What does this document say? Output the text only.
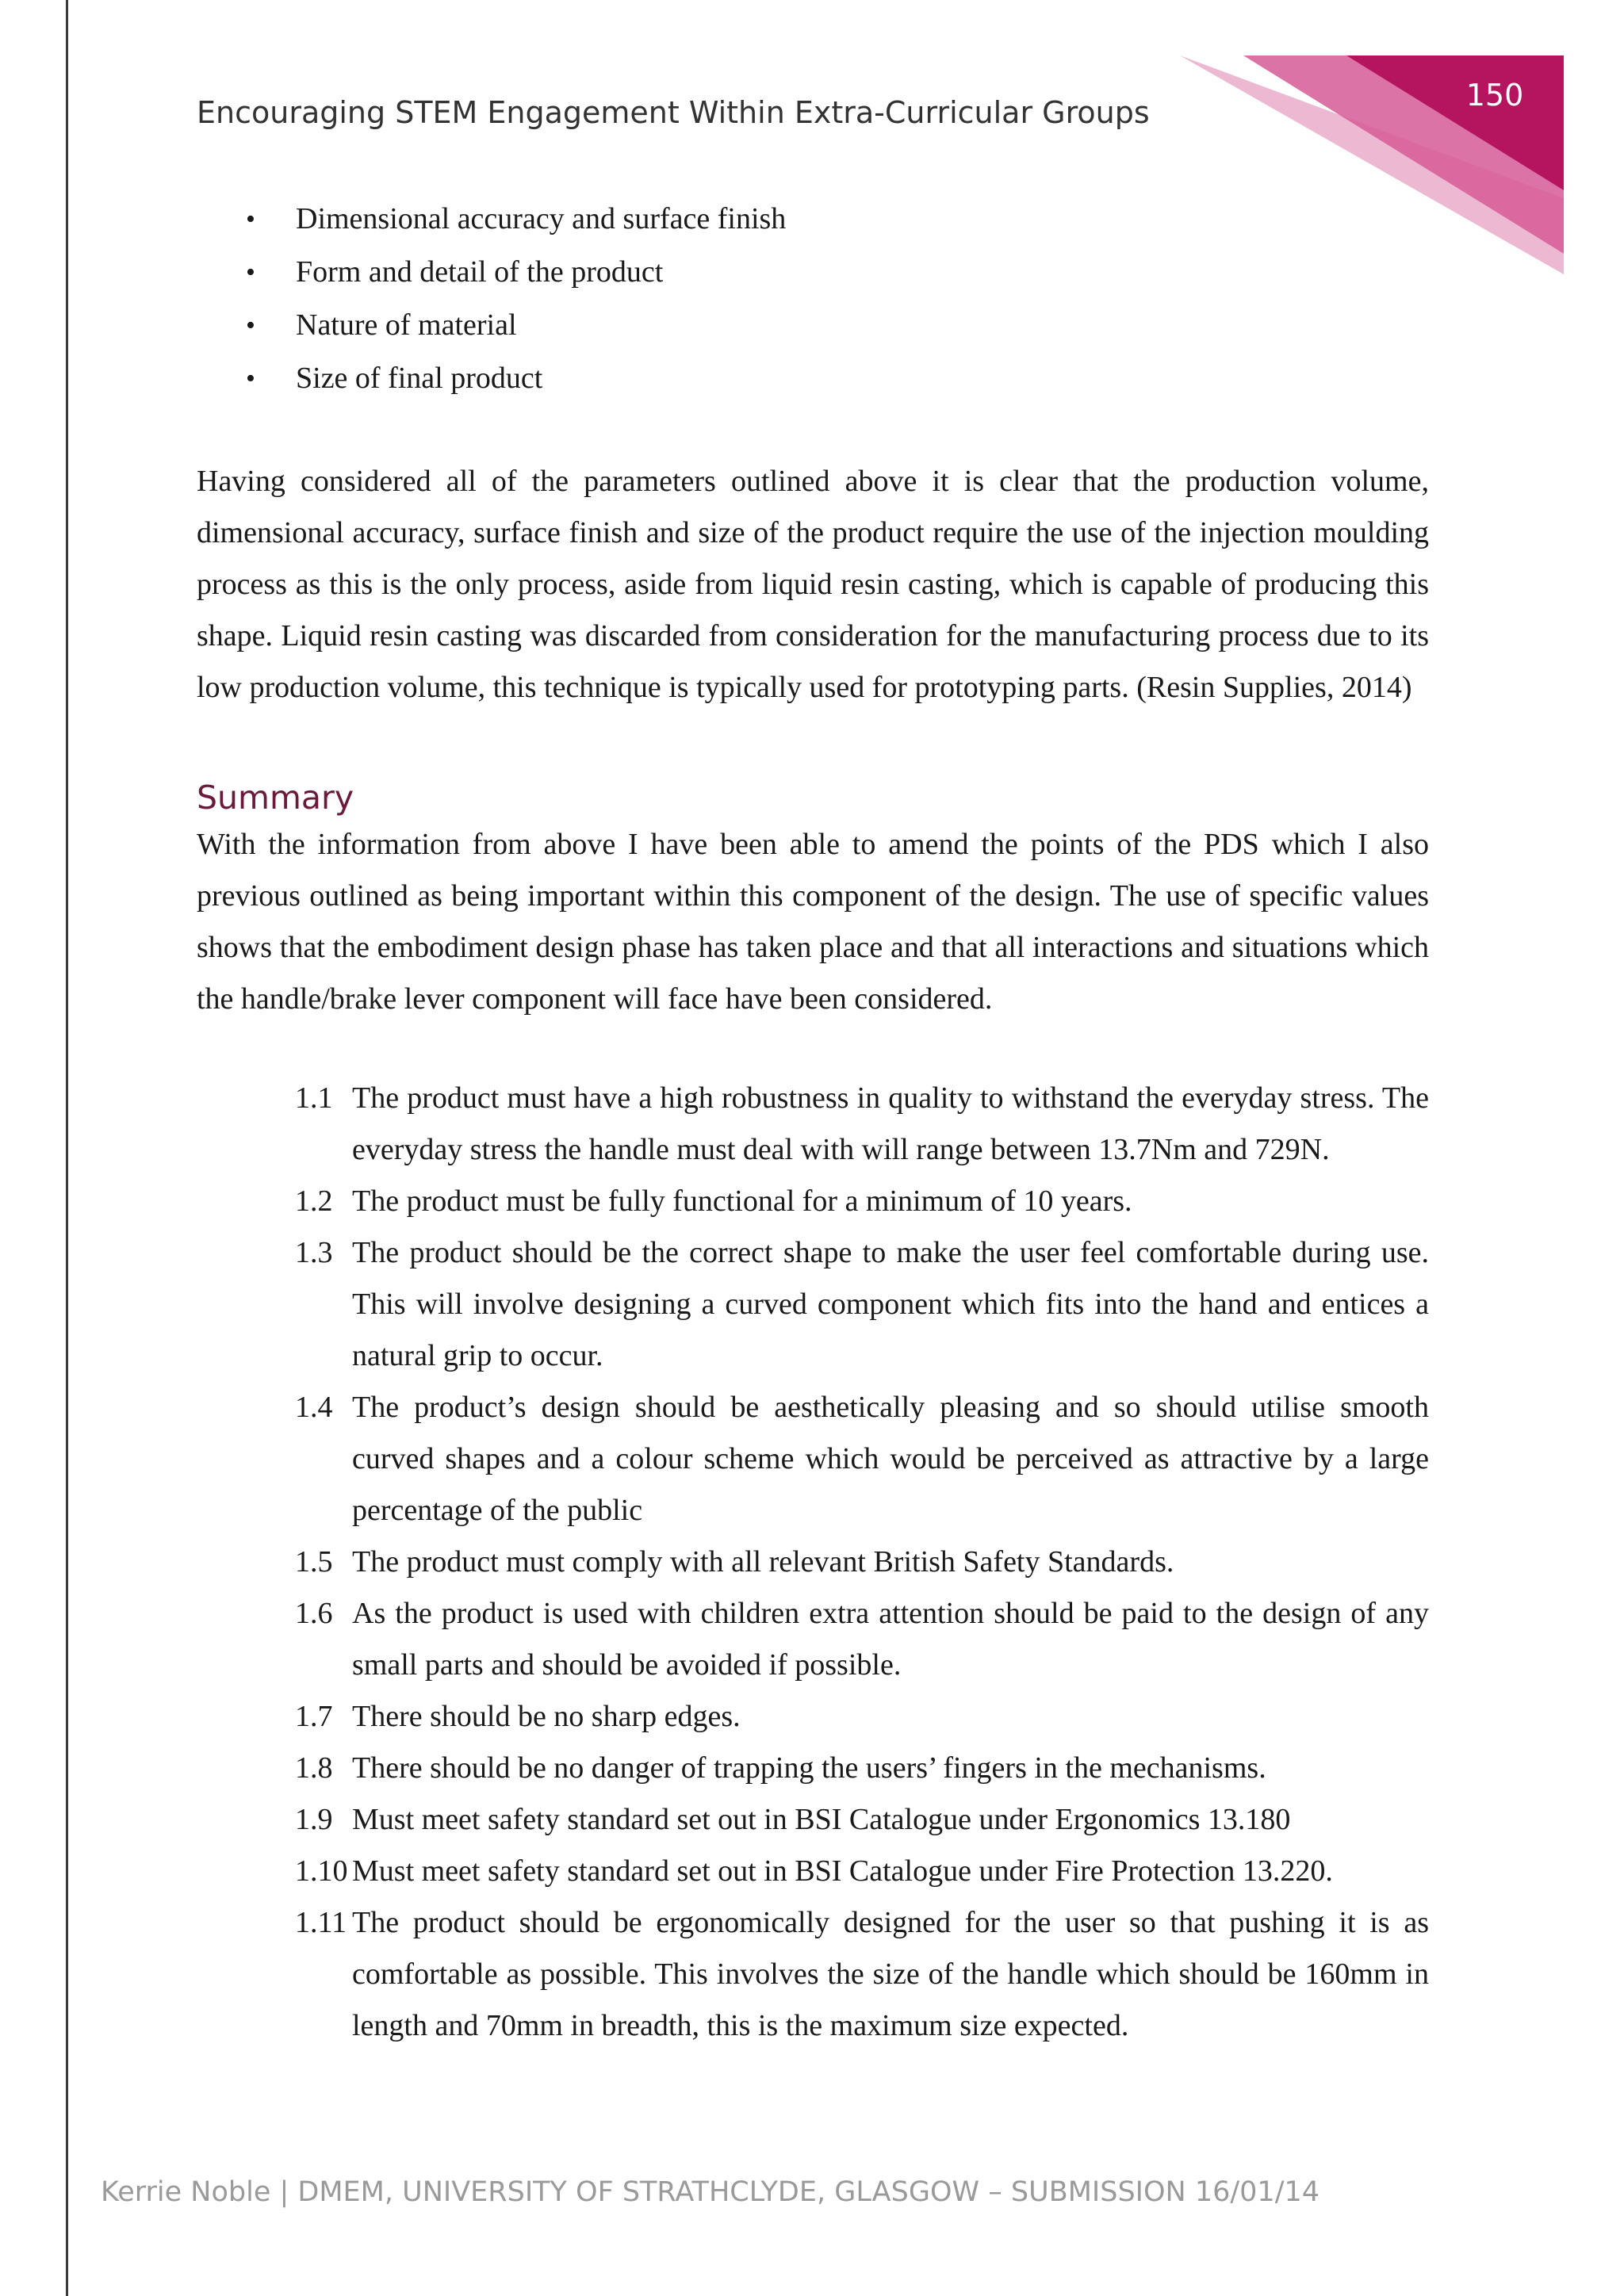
150
Encouraging STEM Engagement Within Extra-Curricular Groups
• Dimensional accuracy and surface finish
• Form and detail of the product
• Nature of material
• Size of final product

Having considered all of the parameters outlined above it is clear that the production volume, dimensional accuracy, surface finish and size of the product require the use of the injection moulding process as this is the only process, aside from liquid resin casting, which is capable of producing this shape. Liquid resin casting was discarded from consideration for the manufacturing process due to its low production volume, this technique is typically used for prototyping parts. (Resin Supplies, 2014)

Summary

With the information from above I have been able to amend the points of the PDS which I also previous outlined as being important within this component of the design. The use of specific values shows that the embodiment design phase has taken place and that all interactions and situations which the handle/brake lever component will face have been considered.

1.1 The product must have a high robustness in quality to withstand the everyday stress. The everyday stress the handle must deal with will range between 13.7Nm and 729N.
1.2 The product must be fully functional for a minimum of 10 years.
1.3 The product should be the correct shape to make the user feel comfortable during use. This will involve designing a curved component which fits into the hand and entices a natural grip to occur.
1.4 The product’s design should be aesthetically pleasing and so should utilise smooth curved shapes and a colour scheme which would be perceived as attractive by a large percentage of the public
1.5 The product must comply with all relevant British Safety Standards.
1.6 As the product is used with children extra attention should be paid to the design of any small parts and should be avoided if possible.
1.7 There should be no sharp edges.
1.8 There should be no danger of trapping the users’ fingers in the mechanisms.
1.9 Must meet safety standard set out in BSI Catalogue under Ergonomics 13.180
1.10 Must meet safety standard set out in BSI Catalogue under Fire Protection 13.220.
1.11 The product should be ergonomically designed for the user so that pushing it is as comfortable as possible. This involves the size of the handle which should be 160mm in length and 70mm in breadth, this is the maximum size expected.
Kerrie Noble | DMEM, UNIVERSITY OF STRATHCLYDE, GLASGOW – SUBMISSION 16/01/14
